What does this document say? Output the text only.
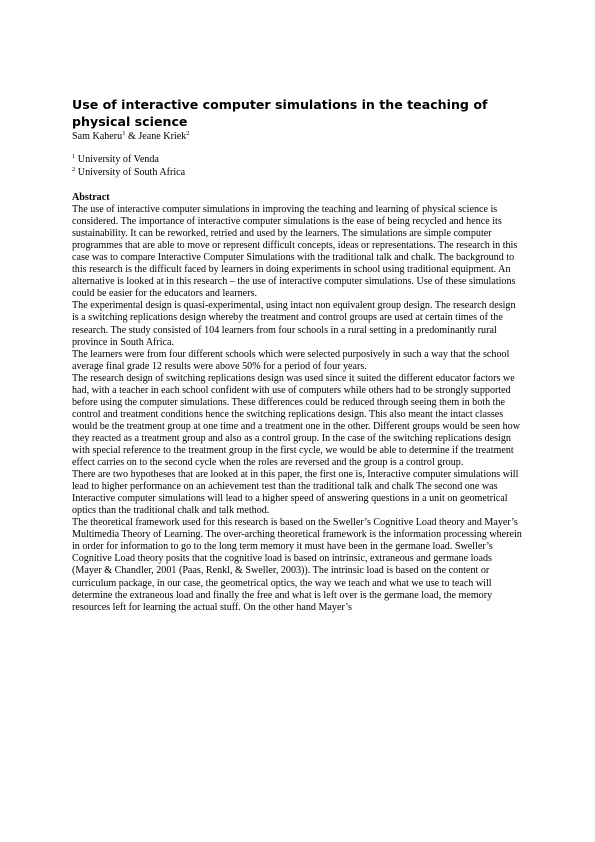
Use of interactive computer simulations in the teaching of physical science

Sam Kaheru$^1$ & Jeane Kriek$^2$

$^1$ University of Venda

$^2$ University of South Africa

Abstract

The use of interactive computer simulations in improving the teaching and learning of physical science is considered. The importance of interactive computer simulations is the ease of being recycled and hence its sustainability. It can be reworked, retried and used by the learners. The simulations are simple computer programmes that are able to move or represent difficult concepts, ideas or representations. The research in this case was to compare Interactive Computer Simulations with the traditional talk and chalk. The background to this research is the difficult faced by learners in doing experiments in school using traditional equipment. An alternative is looked at in this research – the use of interactive computer simulations. Use of these simulations could be easier for the educators and learners.

The experimental design is quasi-experimental, using intact non equivalent group design. The research design is a switching replications design whereby the treatment and control groups are used at certain times of the research. The study consisted of 104 learners from four schools in a rural setting in a predominantly rural province in South Africa.

The learners were from four different schools which were selected purposively in such a way that the school average final grade 12 results were above 50% for a period of four years.

The research design of switching replications design was used since it suited the different educator factors we had, with a teacher in each school confident with use of computers while others had to be strongly supported before using the computer simulations. These differences could be reduced through seeing them in both the control and treatment conditions hence the switching replications design. This also meant the intact classes would be the treatment group at one time and a treatment one in the other. Different groups would be seen how they reacted as a treatment group and also as a control group. In the case of the switching replications design with special reference to the treatment group in the first cycle, we would be able to determine if the treatment effect carries on to the second cycle when the roles are reversed and the group is a control group.

There are two hypotheses that are looked at in this paper, the first one is, Interactive computer simulations will lead to higher performance on an achievement test than the traditional talk and chalk The second one was Interactive computer simulations will lead to a higher speed of answering questions in a unit on geometrical optics than the traditional chalk and talk method.

The theoretical framework used for this research is based on the Sweller’s Cognitive Load theory and Mayer’s Multimedia Theory of Learning. The over-arching theoretical framework is the information processing wherein in order for information to go to the long term memory it must have been in the germane load. Sweller’s Cognitive Load theory posits that the cognitive load is based on intrinsic, extraneous and germane loads (Mayer & Chandler, 2001 (Paas, Renkl, & Sweller, 2003)). The intrinsic load is based on the content or curriculum package, in our case, the geometrical optics, the way we teach and what we use to teach will determine the extraneous load and finally the free and what is left over is the germane load, the memory resources left for learning the actual stuff. On the other hand Mayer’s
